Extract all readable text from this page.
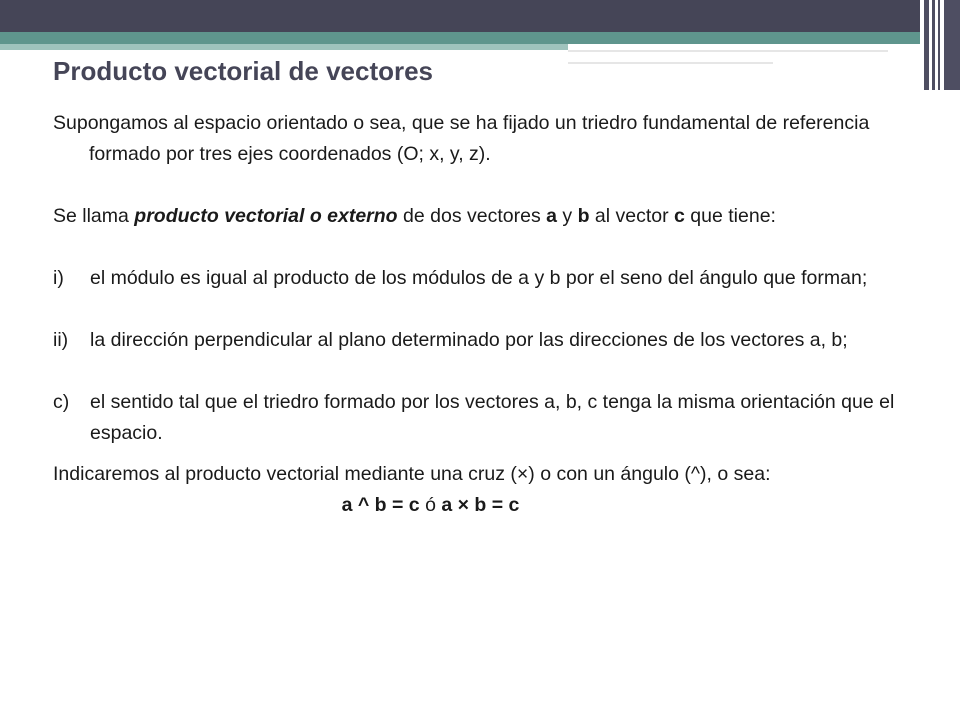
Producto vectorial de vectores

Supongamos al espacio orientado o sea, que se ha fijado un triedro fundamental de referencia formado por tres ejes coordenados (O; x, y, z).

Se llama producto vectorial o externo de dos vectores a y b al vector c que tiene:

i)	el módulo es igual al producto de los módulos de a y b por el seno del ángulo que forman;
ii)	la dirección perpendicular al plano determinado por las direcciones de los vectores a, b;
c)	el sentido tal que el triedro formado por los vectores a, b, c tenga la misma orientación que el espacio.

Indicaremos al producto vectorial mediante una cruz (×) o con un ángulo (^), o sea:

a ^ b = c ó a × b = c
